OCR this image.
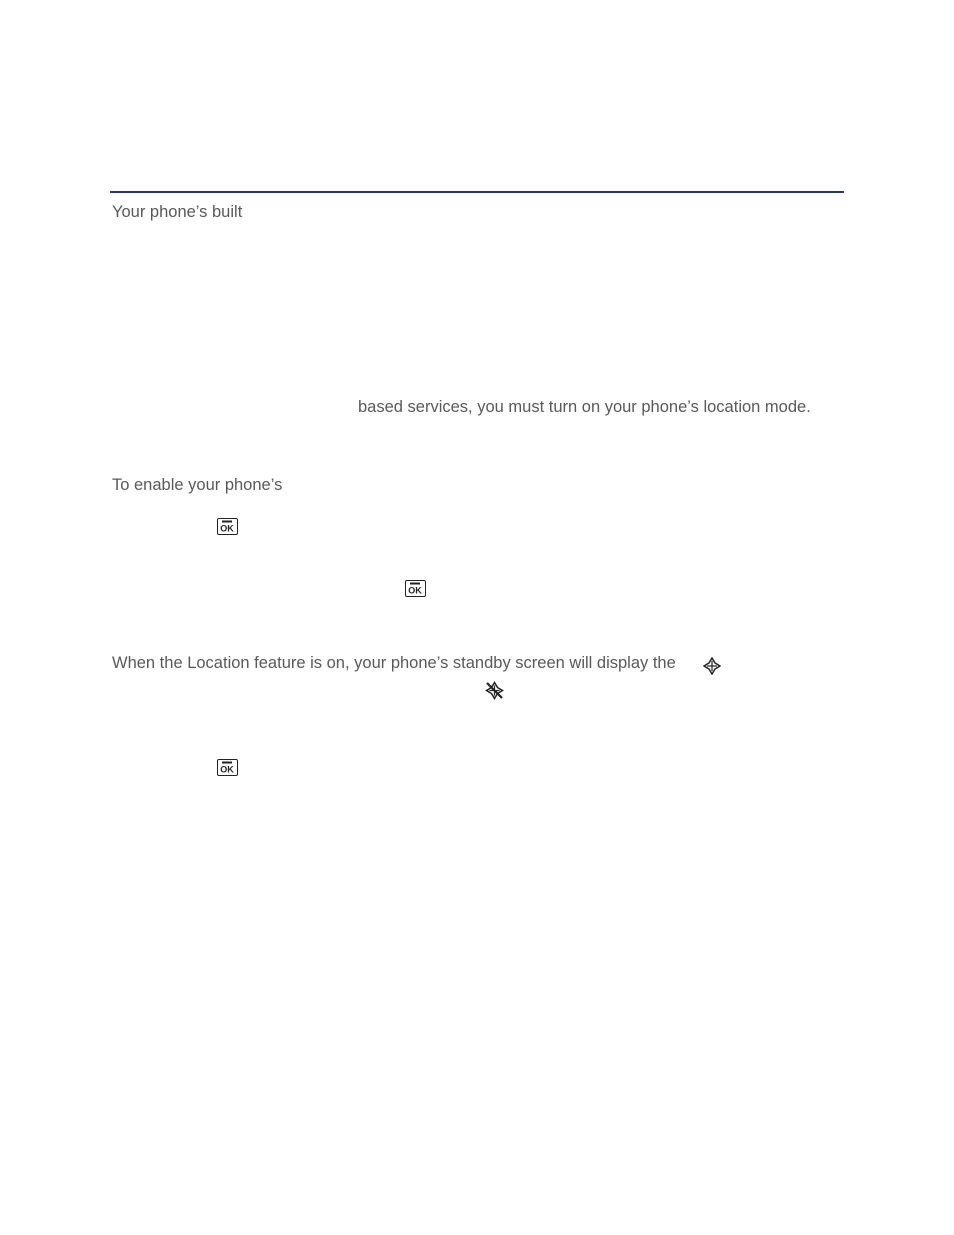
Your phone’s built
based services, you must turn on your phone’s location mode.
To enable your phone’s
OK
OK
When the Location feature is on, your phone’s standby screen will display the
OK
